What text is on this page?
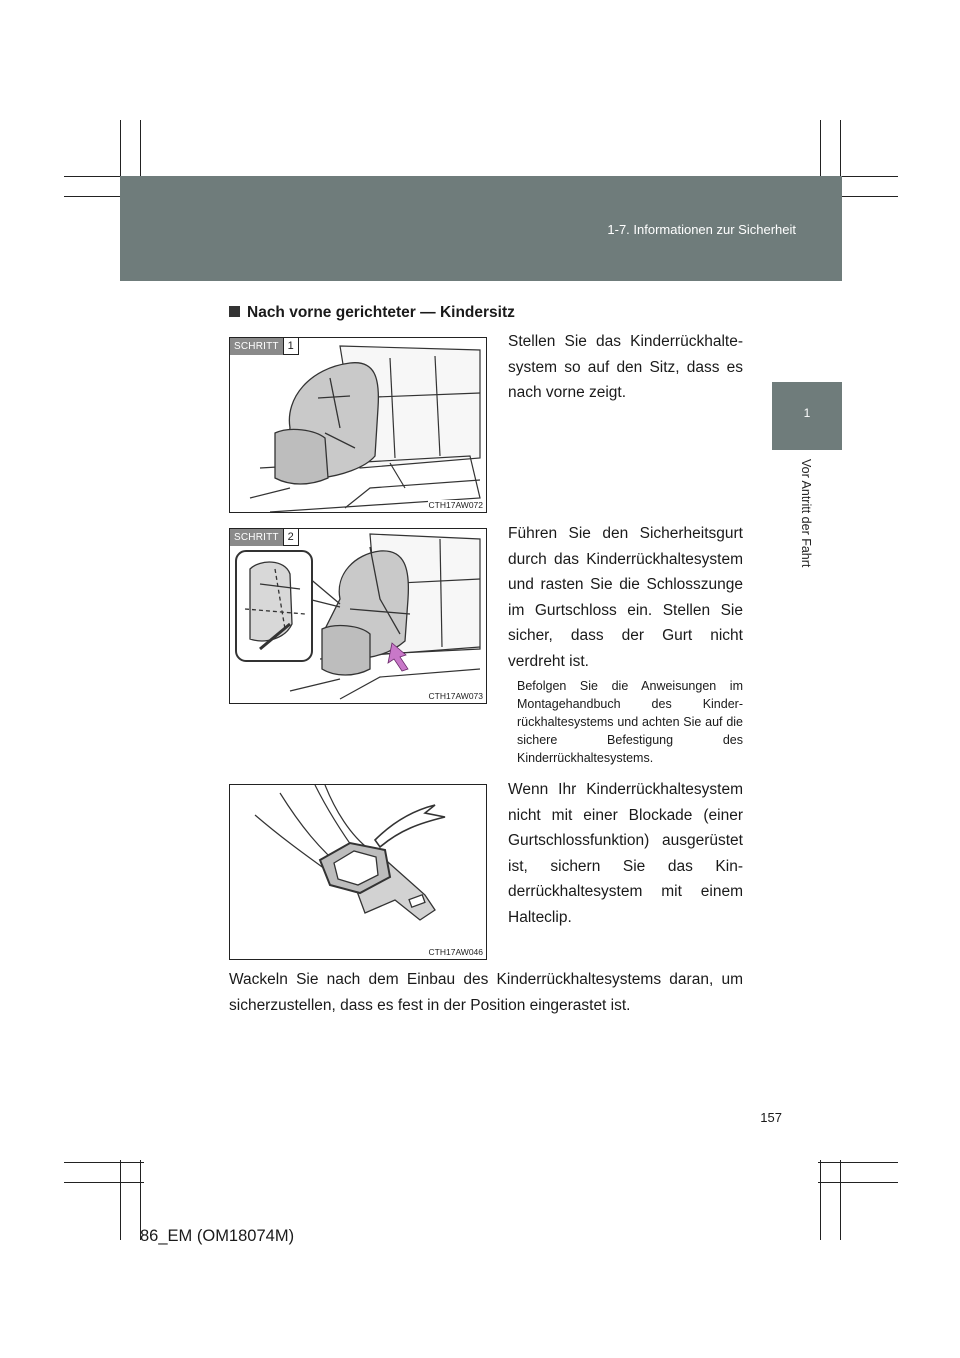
1-7. Informationen zur Sicherheit
1
Vor Antritt der Fahrt
Nach vorne gerichteter — Kindersitz
SCHRITT 1
CTH17AW072
Stellen Sie das Kinderrückhaltesystem so auf den Sitz, dass es nach vorne zeigt.
SCHRITT 2
CTH17AW073
Führen Sie den Sicherheitsgurt durch das Kinderrückhaltesystem und rasten Sie die Schlosszunge im Gurtschloss ein. Stellen Sie sicher, dass der Gurt nicht verdreht ist.
Befolgen Sie die Anweisungen im Montagehandbuch des Kinderrückhaltesystems und achten Sie auf die sichere Befestigung des Kinderrückhaltesystems.
CTH17AW046
Wenn Ihr Kinderrückhaltesystem nicht mit einer Blockade (einer Gurtschlossfunktion) ausgerüstet ist, sichern Sie das Kinderrückhaltesystem mit einem Halteclip.
Wackeln Sie nach dem Einbau des Kinderrückhaltesystems daran, um sicherzustellen, dass es fest in der Position eingerastet ist.
157
86_EM (OM18074M)
